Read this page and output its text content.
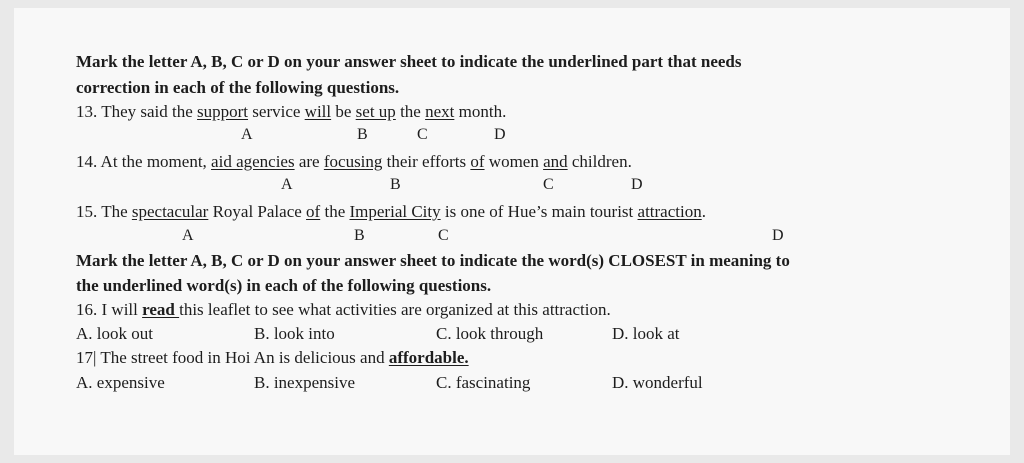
Mark the letter A, B, C or D on your answer sheet to indicate the underlined part that needs
correction in each of the following questions.
13. They said the support service will be set up the next month.
A	B	C	D
14. At the moment, aid agencies are focusing their efforts of women and children.
A	B	C	D
15. The spectacular Royal Palace of the Imperial City is one of Hue’s main tourist attraction.
A	B	C	D
Mark the letter A, B, C or D on your answer sheet to indicate the word(s) CLOSEST in meaning to
the underlined word(s) in each of the following questions.
16. I will read this leaflet to see what activities are organized at this attraction.
A. look out	B. look into	C. look through	D. look at
17| The street food in Hoi An is delicious and affordable.
A. expensive	B. inexpensive	C. fascinating	D. wonderful
